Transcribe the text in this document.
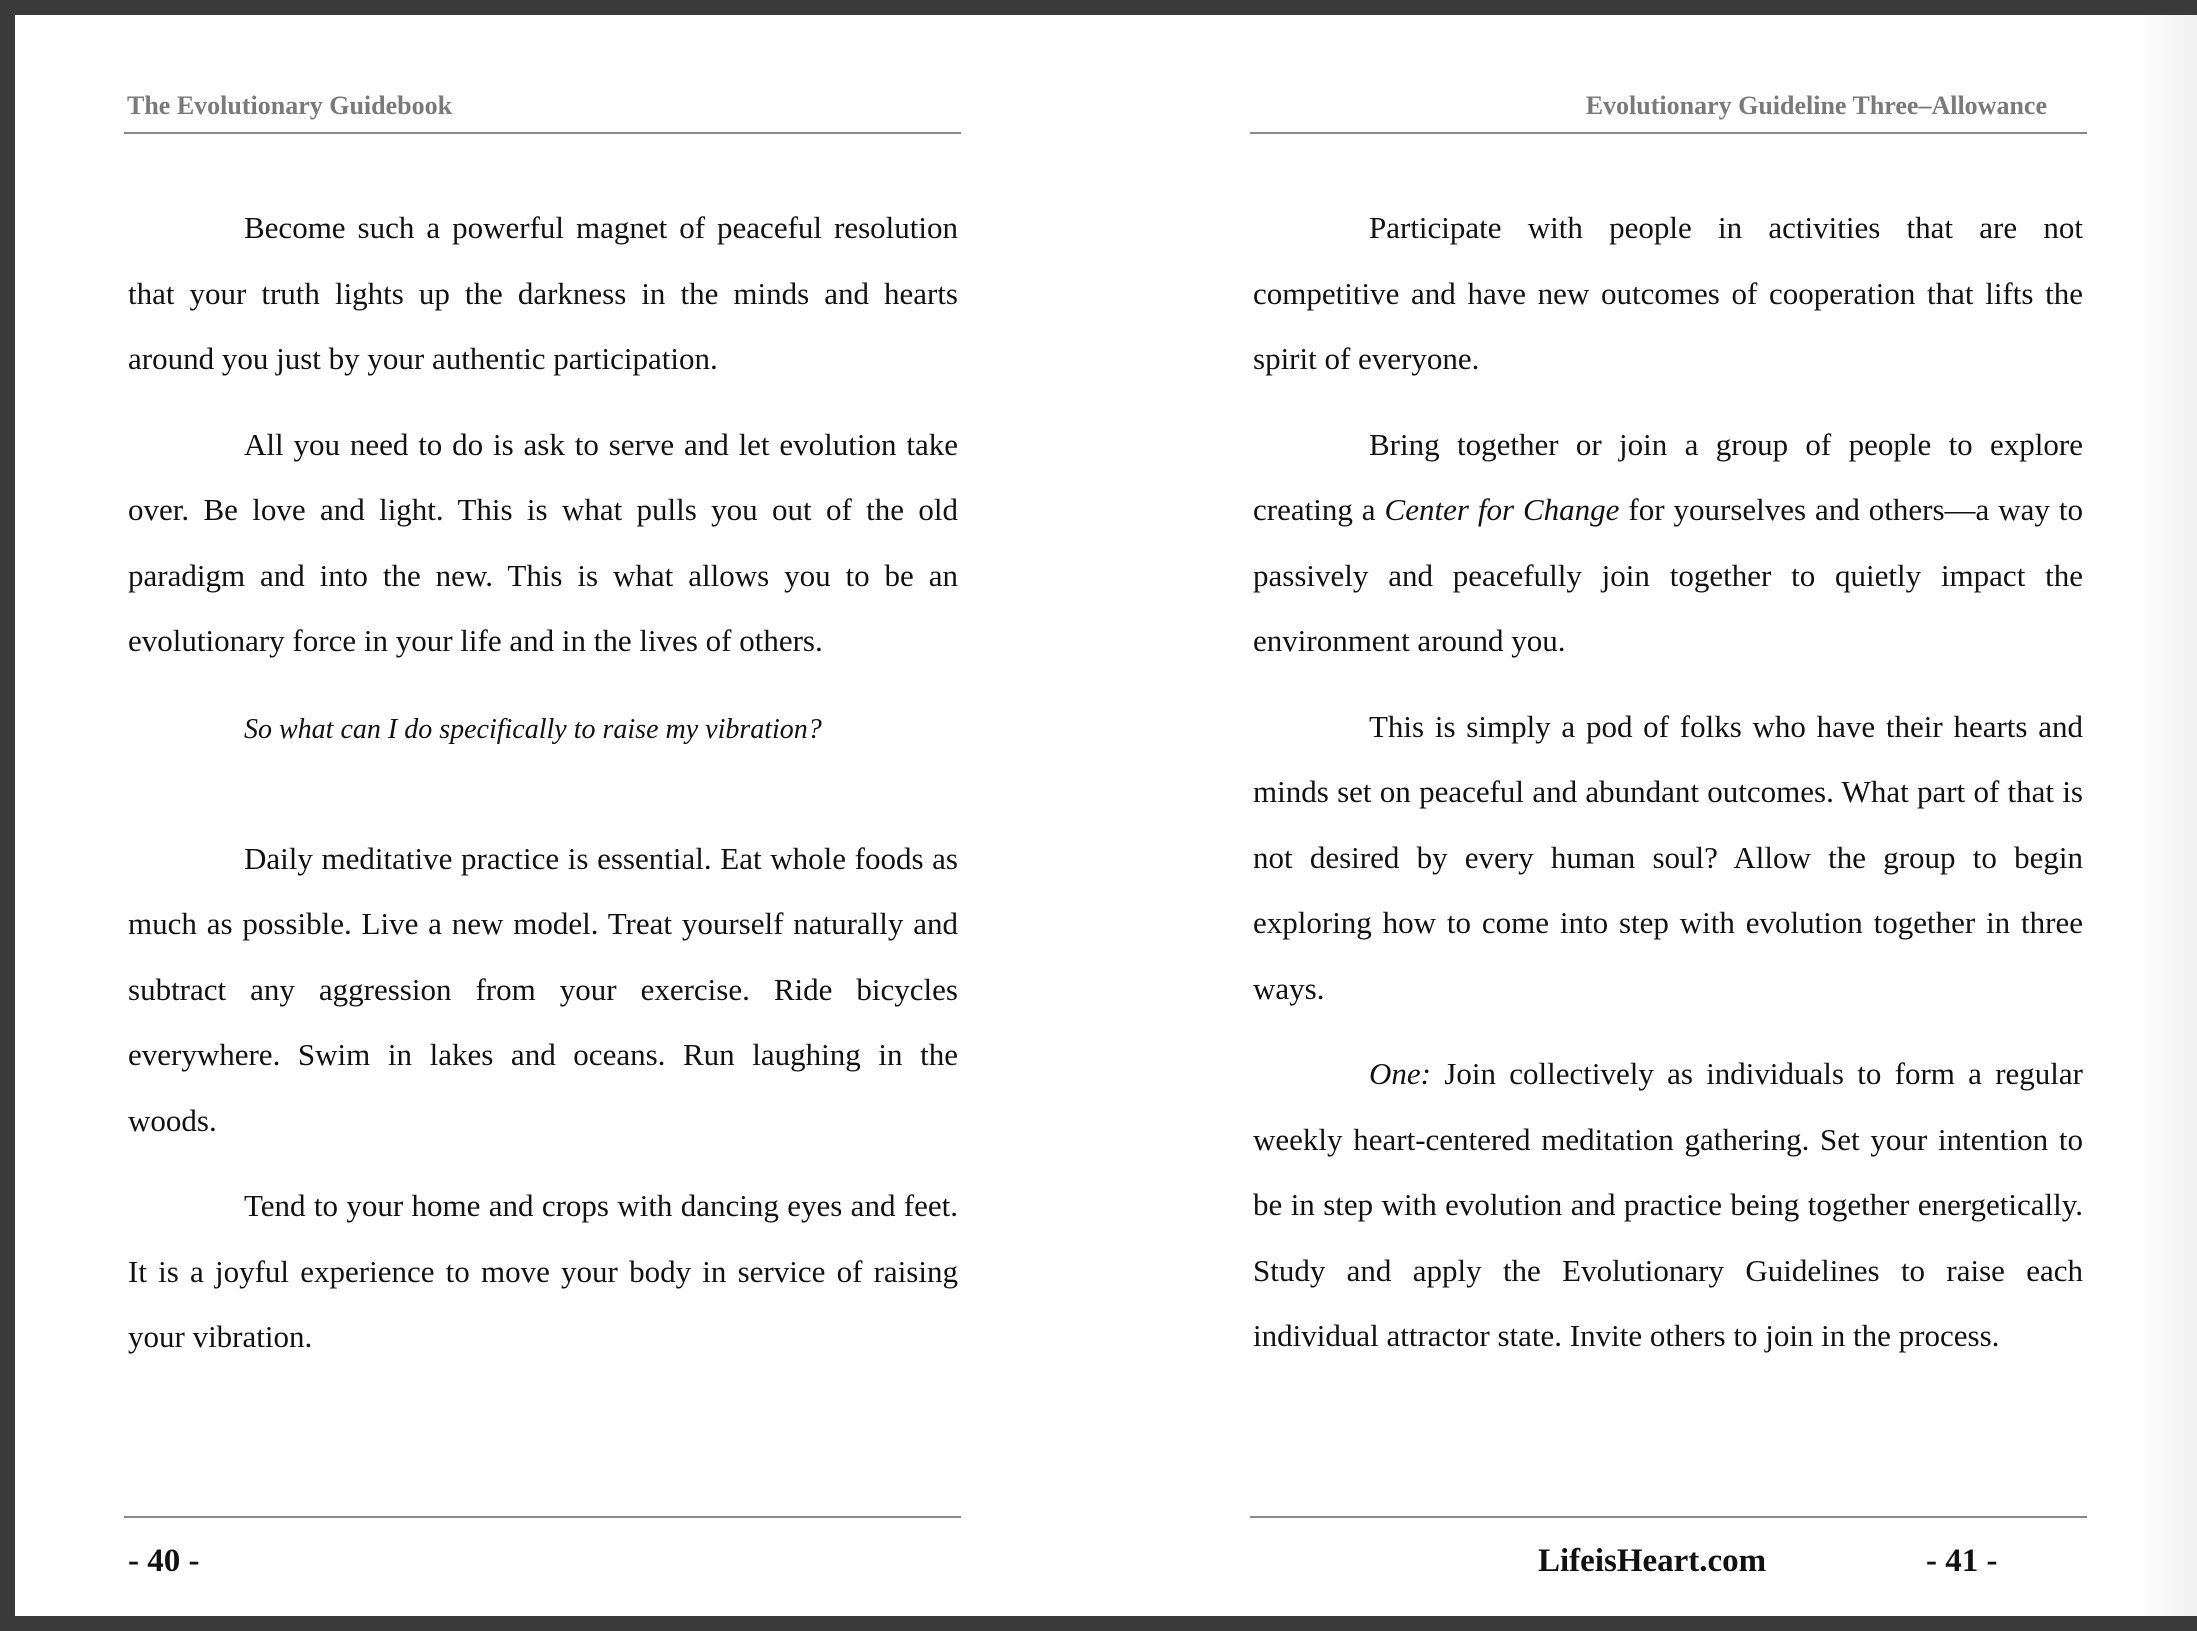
The Evolutionary Guidebook

Become such a powerful magnet of peaceful resolution that your truth lights up the darkness in the minds and hearts around you just by your authentic participation.

All you need to do is ask to serve and let evolution take over. Be love and light. This is what pulls you out of the old paradigm and into the new. This is what allows you to be an evolutionary force in your life and in the lives of others.

So what can I do specifically to raise my vibration?

Daily meditative practice is essential. Eat whole foods as much as possible. Live a new model. Treat yourself naturally and subtract any aggression from your exercise. Ride bicycles everywhere. Swim in lakes and oceans. Run laughing in the woods.

Tend to your home and crops with dancing eyes and feet. It is a joyful experience to move your body in service of raising your vibration.

- 40 -
Evolutionary Guideline Three–Allowance

Participate with people in activities that are not competitive and have new outcomes of cooperation that lifts the spirit of everyone.

Bring together or join a group of people to explore creating a Center for Change for yourselves and others—a way to passively and peacefully join together to quietly impact the environment around you.

This is simply a pod of folks who have their hearts and minds set on peaceful and abundant outcomes. What part of that is not desired by every human soul? Allow the group to begin exploring how to come into step with evolution together in three ways.

One: Join collectively as individuals to form a regular weekly heart-centered meditation gathering. Set your intention to be in step with evolution and practice being together energetically. Study and apply the Evolutionary Guidelines to raise each individual attractor state. Invite others to join in the process.

LifeisHeart.com	- 41 -
